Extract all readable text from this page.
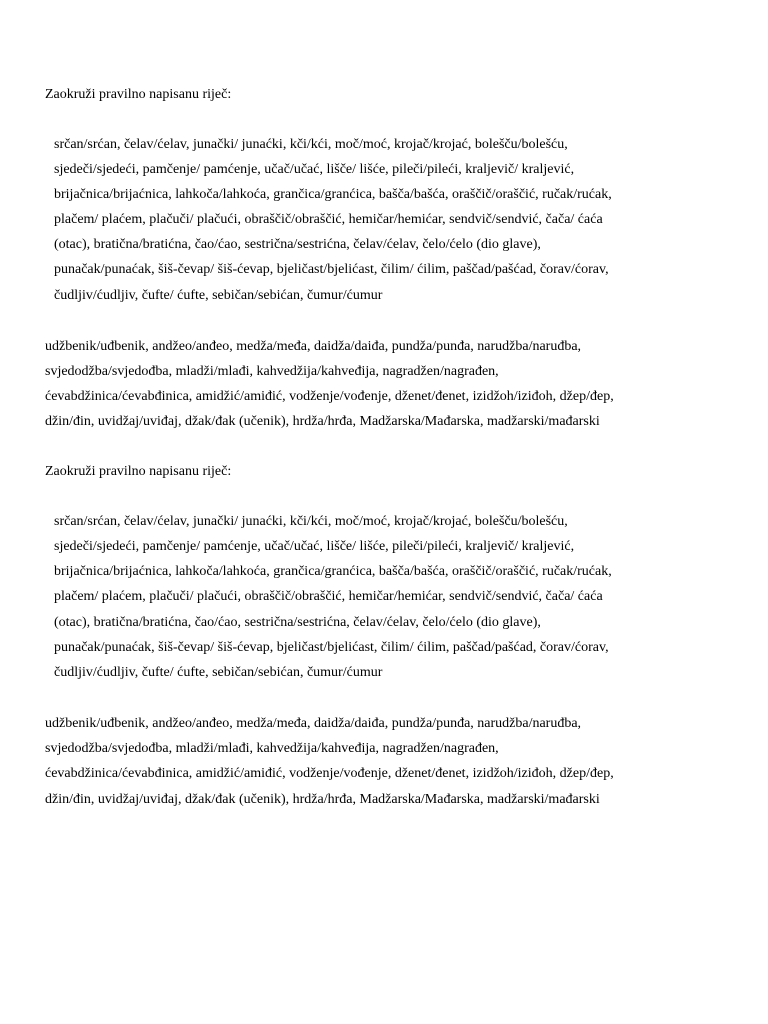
Zaokruži pravilno napisanu riječ:
srčan/srćan, čelav/ćelav, junački/ junaćki, kči/kći, moč/moć, krojač/krojać, bolešču/bolešću,
sjedeči/sjedeći, pamčenje/ pamćenje, učač/učać, lišče/ lišće, pileči/pileći, kraljevič/ kraljević,
brijačnica/brijaćnica, lahkoča/lahkoća, grančica/granćica, bašča/bašća, oraščič/oraščić, ručak/rućak,
plačem/ plaćem, plačuči/ plačući, obraščič/obraščić, hemičar/hemićar, sendvič/sendvić, čača/ ćaća
(otac), bratična/bratićna, čao/ćao, sestrična/sestrićna, čelav/ćelav, čelo/ćelo (dio glave),
punačak/punaćak, šiš-čevap/ šiš-ćevap, bjeličast/bjelićast, čilim/ ćilim, paščad/pašćad, čorav/ćorav,
čudljiv/ćudljiv, čufte/ ćufte, sebičan/sebićan, čumur/ćumur
udžbenik/uđbenik, andžeo/anđeo, medža/međa, daidža/daiđa, pundža/punđa, narudžba/naruđba,
svjedodžba/svjedođba, mladži/mlađi, kahvedžija/kahveđija, nagradžen/nagrađen,
ćevabdžinica/ćevabđinica, amidžić/amiđić, vodženje/vođenje, dženet/đenet, izidžoh/iziđoh, džep/đep,
džin/đin, uvidžaj/uviđaj, džak/đak (učenik), hrdža/hrđa, Madžarska/Mađarska, madžarski/mađarski
Zaokruži pravilno napisanu riječ:
srčan/srćan, čelav/ćelav, junački/ junaćki, kči/kći, moč/moć, krojač/krojać, bolešču/bolešću,
sjedeči/sjedeći, pamčenje/ pamćenje, učač/učać, lišče/ lišće, pileči/pileći, kraljevič/ kraljević,
brijačnica/brijaćnica, lahkoča/lahkoća, grančica/granćica, bašča/bašća, oraščič/oraščić, ručak/rućak,
plačem/ plaćem, plačuči/ plačući, obraščič/obraščić, hemičar/hemićar, sendvič/sendvić, čača/ ćaća
(otac), bratična/bratićna, čao/ćao, sestrična/sestrićna, čelav/ćelav, čelo/ćelo (dio glave),
punačak/punaćak, šiš-čevap/ šiš-ćevap, bjeličast/bjelićast, čilim/ ćilim, paščad/pašćad, čorav/ćorav,
čudljiv/ćudljiv, čufte/ ćufte, sebičan/sebićan, čumur/ćumur
udžbenik/uđbenik, andžeo/anđeo, medža/međa, daidža/daiđa, pundža/punđa, narudžba/naruđba,
svjedodžba/svjedođba, mladži/mlađi, kahvedžija/kahveđija, nagradžen/nagrađen,
ćevabdžinica/ćevabđinica, amidžić/amiđić, vodženje/vođenje, dženet/đenet, izidžoh/iziđoh, džep/đep,
džin/đin, uvidžaj/uviđaj, džak/đak (učenik), hrdža/hrđa, Madžarska/Mađarska, madžarski/mađarski
